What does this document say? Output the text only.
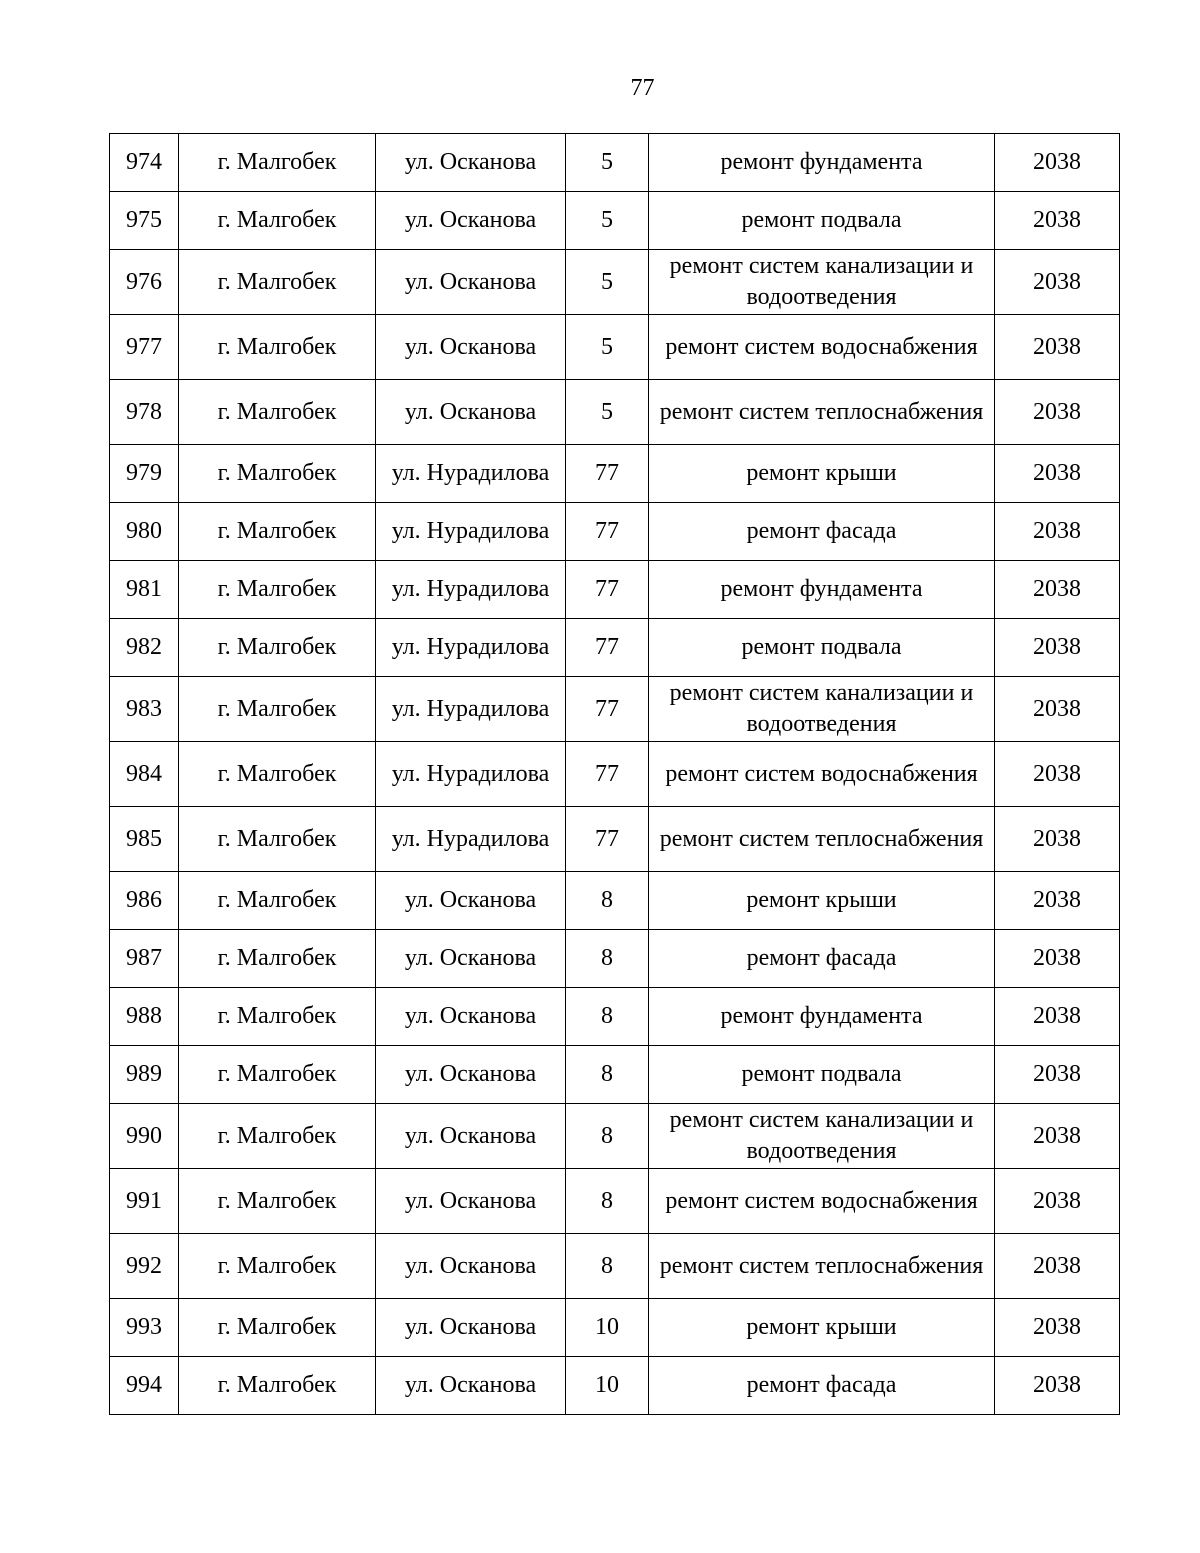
77
974	г. Малгобек	ул. Осканова	5	ремонт фундамента	2038
975	г. Малгобек	ул. Осканова	5	ремонт подвала	2038
976	г. Малгобек	ул. Осканова	5	ремонт систем канализации и водоотведения	2038
977	г. Малгобек	ул. Осканова	5	ремонт систем водоснабжения	2038
978	г. Малгобек	ул. Осканова	5	ремонт систем теплоснабжения	2038
979	г. Малгобек	ул. Нурадилова	77	ремонт крыши	2038
980	г. Малгобек	ул. Нурадилова	77	ремонт фасада	2038
981	г. Малгобек	ул. Нурадилова	77	ремонт фундамента	2038
982	г. Малгобек	ул. Нурадилова	77	ремонт подвала	2038
983	г. Малгобек	ул. Нурадилова	77	ремонт систем канализации и водоотведения	2038
984	г. Малгобек	ул. Нурадилова	77	ремонт систем водоснабжения	2038
985	г. Малгобек	ул. Нурадилова	77	ремонт систем теплоснабжения	2038
986	г. Малгобек	ул. Осканова	8	ремонт крыши	2038
987	г. Малгобек	ул. Осканова	8	ремонт фасада	2038
988	г. Малгобек	ул. Осканова	8	ремонт фундамента	2038
989	г. Малгобек	ул. Осканова	8	ремонт подвала	2038
990	г. Малгобек	ул. Осканова	8	ремонт систем канализации и водоотведения	2038
991	г. Малгобек	ул. Осканова	8	ремонт систем водоснабжения	2038
992	г. Малгобек	ул. Осканова	8	ремонт систем теплоснабжения	2038
993	г. Малгобек	ул. Осканова	10	ремонт крыши	2038
994	г. Малгобек	ул. Осканова	10	ремонт фасада	2038
